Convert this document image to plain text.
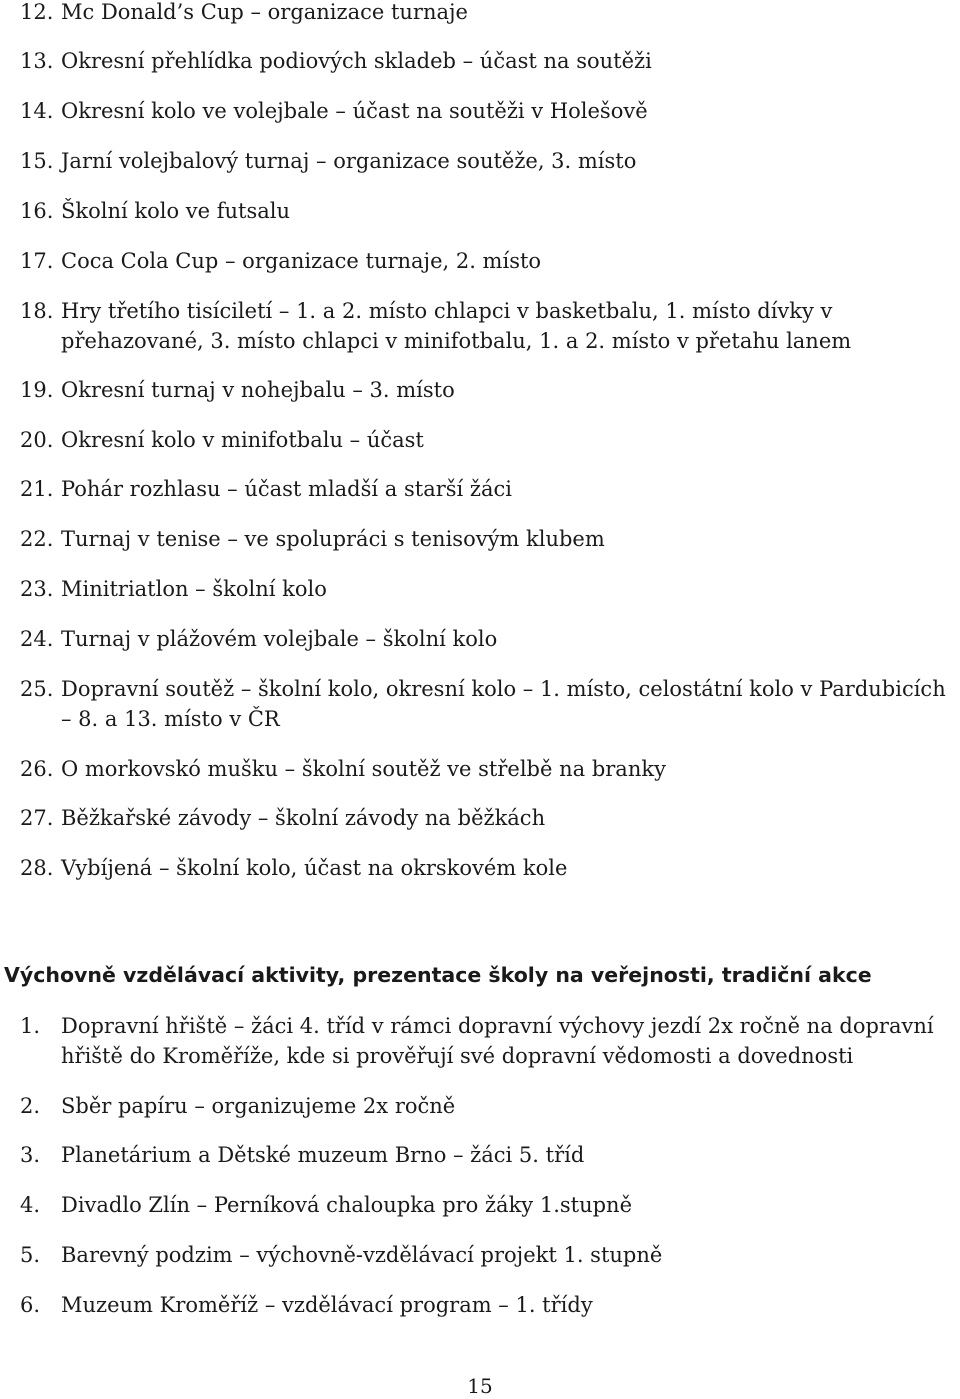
12. Mc Donald’s Cup – organizace turnaje
13. Okresní přehlídka podiových skladeb – účast na soutěži
14. Okresní kolo ve volejbale – účast na soutěži v Holešově
15. Jarní volejbalový turnaj – organizace soutěže, 3. místo
16. Školní kolo ve futsalu
17. Coca Cola Cup – organizace turnaje, 2. místo
18. Hry třetího tisíciletí – 1. a 2. místo chlapci v basketbalu, 1. místo dívky v přehazované, 3. místo chlapci v minifotbalu, 1. a 2. místo v přetahu lanem
19. Okresní turnaj v nohejbalu – 3. místo
20. Okresní kolo v minifotbalu – účast
21. Pohár rozhlasu – účast mladší a starší žáci
22. Turnaj v tenise – ve spolupráci s tenisovým klubem
23. Minitriatlon – školní kolo
24. Turnaj v plážovém volejbale – školní kolo
25. Dopravní soutěž – školní kolo, okresní kolo – 1. místo, celostátní kolo v Pardubicích – 8. a 13. místo v ČR
26. O morkovskó mušku – školní soutěž ve střelbě na branky
27. Běžkařské závody – školní závody na běžkách
28. Vybíjená – školní kolo, účast na okrskovém kole
Výchovně vzdělávací aktivity, prezentace školy na veřejnosti, tradiční akce
1. Dopravní hřiště – žáci 4. tříd v rámci dopravní výchovy jezdí 2x ročně na dopravní hřiště do Kroměříže, kde si prověřují své dopravní vědomosti a dovednosti
2. Sběr papíru – organizujeme 2x ročně
3. Planetárium a Dětské muzeum Brno – žáci 5. tříd
4. Divadlo Zlín – Perníková chaloupka pro žáky 1.stupně
5. Barevný podzim – výchovně-vzdělávací projekt 1. stupně
6. Muzeum Kroměříž – vzdělávací program – 1. třídy
15
